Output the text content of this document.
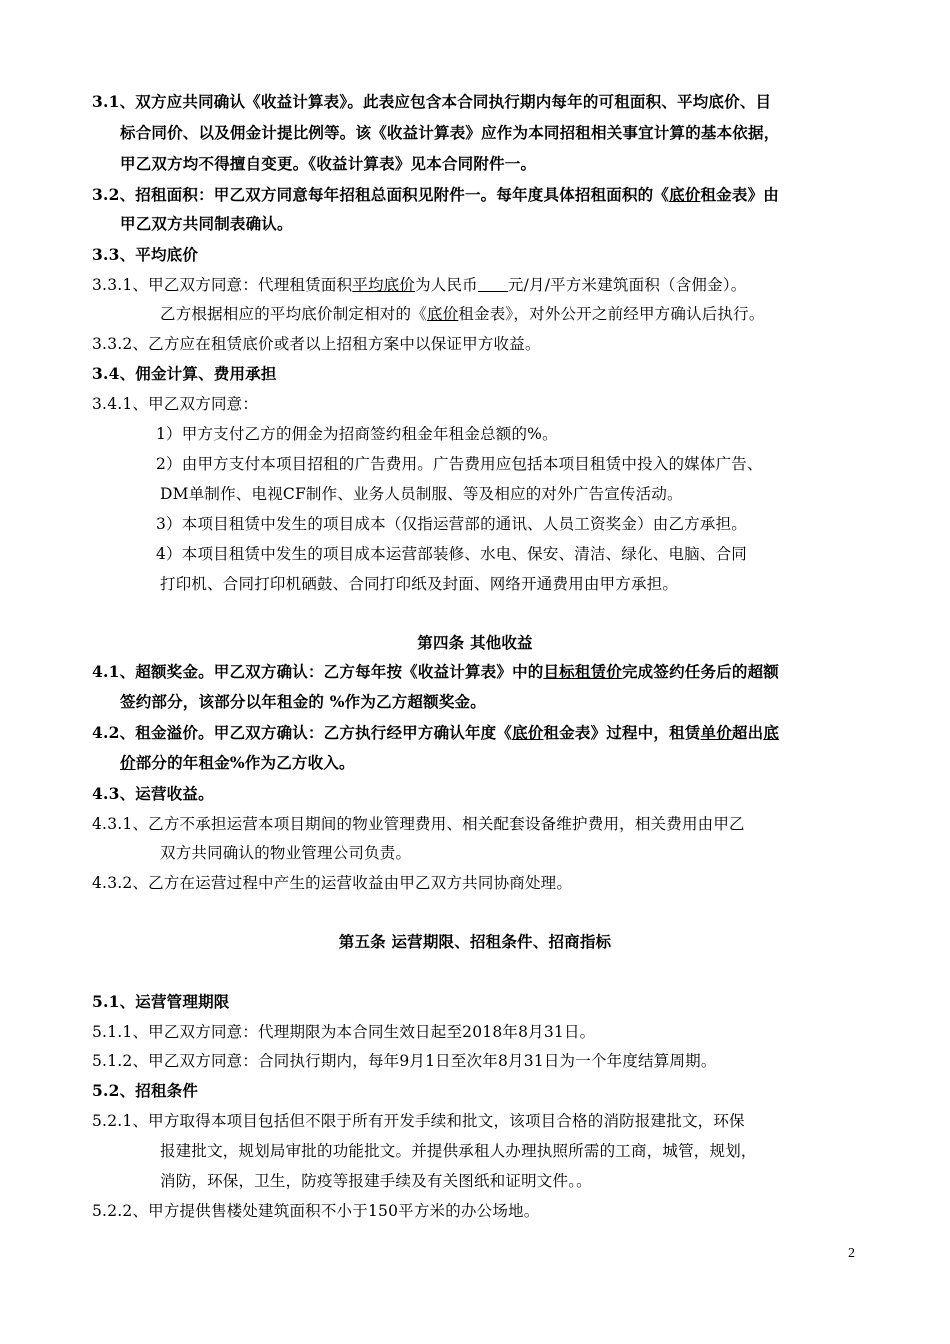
3.1、双方应共同确认《收益计算表》。此表应包含本合同执行期内每年的可租面积、平均底价、目
标合同价、以及佣金计提比例等。该《收益计算表》应作为本同招租相关事宜计算的基本依据，
甲乙双方均不得擅自变更。《收益计算表》见本合同附件一。
3.2、招租面积：甲乙双方同意每年招租总面积见附件一。每年度具体招租面积的《底价租金表》由
甲乙双方共同制表确认。
3.3、平均底价
3.3.1、甲乙双方同意：代理租赁面积平均底价为人民币 元/月/平方米建筑面积（含佣金）。
乙方根据相应的平均底价制定相对的《底价租金表》，对外公开之前经甲方确认后执行。
3.3.2、乙方应在租赁底价或者以上招租方案中以保证甲方收益。
3.4、佣金计算、费用承担
3.4.1、甲乙双方同意：
1）甲方支付乙方的佣金为招商签约租金年租金总额的%。
2）由甲方支付本项目招租的广告费用。广告费用应包括本项目租赁中投入的媒体广告、
DM单制作、电视CF制作、业务人员制服、等及相应的对外广告宣传活动。
3）本项目租赁中发生的项目成本（仅指运营部的通讯、人员工资奖金）由乙方承担。
4）本项目租赁中发生的项目成本运营部装修、水电、保安、清洁、绿化、电脑、合同
打印机、合同打印机硒鼓、合同打印纸及封面、网络开通费用由甲方承担。
第四条 其他收益
4.1、超额奖金。甲乙双方确认：乙方每年按《收益计算表》中的目标租赁价完成签约任务后的超额
签约部分，该部分以年租金的 %作为乙方超额奖金。
4.2、租金溢价。甲乙双方确认：乙方执行经甲方确认年度《底价租金表》过程中，租赁单价超出底
价部分的年租金%作为乙方收入。
4.3、运营收益。
4.3.1、乙方不承担运营本项目期间的物业管理费用、相关配套设备维护费用，相关费用由甲乙
双方共同确认的物业管理公司负责。
4.3.2、乙方在运营过程中产生的运营收益由甲乙双方共同协商处理。
第五条 运营期限、招租条件、招商指标
5.1、运营管理期限
5.1.1、甲乙双方同意：代理期限为本合同生效日起至2018年8月31日。
5.1.2、甲乙双方同意：合同执行期内，每年9月1日至次年8月31日为一个年度结算周期。
5.2、招租条件
5.2.1、甲方取得本项目包括但不限于所有开发手续和批文，该项目合格的消防报建批文，环保
报建批文，规划局审批的功能批文。并提供承租人办理执照所需的工商，城管，规划，
消防，环保，卫生，防疫等报建手续及有关图纸和证明文件。。
5.2.2、甲方提供售楼处建筑面积不小于150平方米的办公场地。
2
